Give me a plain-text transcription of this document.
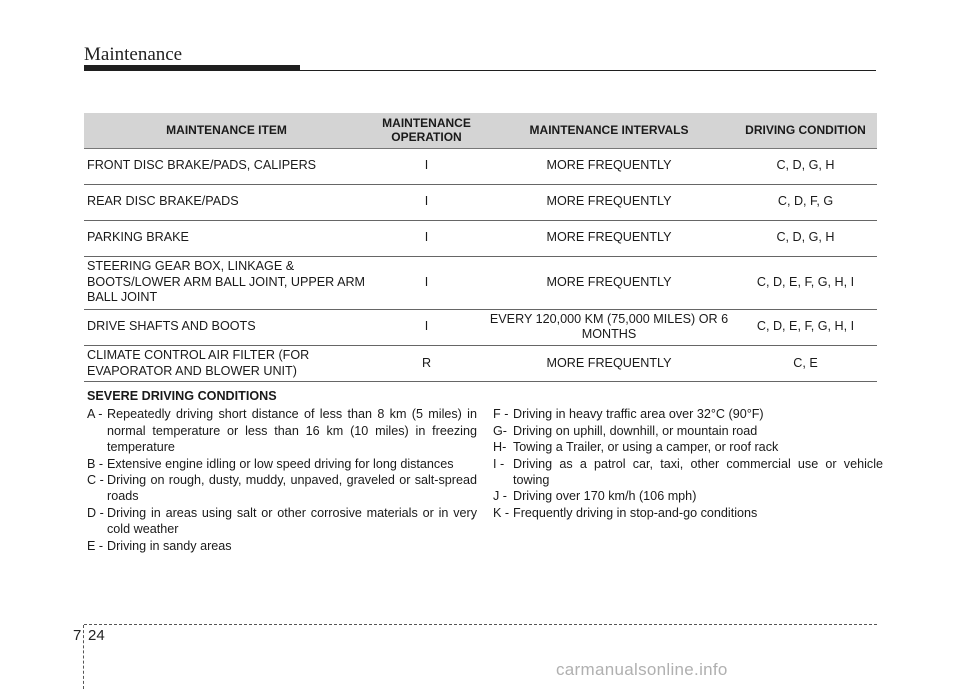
Maintenance
MAINTENANCE ITEM	MAINTENANCE OPERATION	MAINTENANCE INTERVALS	DRIVING CONDITION
FRONT DISC BRAKE/PADS, CALIPERS	I	MORE FREQUENTLY	C, D, G, H
REAR DISC BRAKE/PADS	I	MORE FREQUENTLY	C, D, F, G
PARKING BRAKE	I	MORE FREQUENTLY	C, D, G, H
STEERING GEAR BOX, LINKAGE & BOOTS/LOWER ARM BALL JOINT, UPPER ARM BALL JOINT	I	MORE FREQUENTLY	C, D, E, F, G, H, I
DRIVE SHAFTS AND BOOTS	I	EVERY 120,000 KM (75,000 MILES) OR 6 MONTHS	C, D, E, F, G, H, I
CLIMATE CONTROL AIR FILTER (FOR EVAPORATOR AND BLOWER UNIT)	R	MORE FREQUENTLY	C, E
SEVERE DRIVING CONDITIONS
A - Repeatedly driving short distance of less than 8 km (5 miles) in normal temperature or less than 16 km (10 miles) in freezing temperature
B - Extensive engine idling or low speed driving for long distances
C - Driving on rough, dusty, muddy, unpaved, graveled or salt-spread roads
D - Driving in areas using salt or other corrosive materials or in very cold weather
E - Driving in sandy areas
F - Driving in heavy traffic area over 32°C (90°F)
G- Driving on uphill, downhill, or mountain road
H- Towing a Trailer, or using a camper, or roof rack
I - Driving as a patrol car, taxi, other commercial use or vehicle towing
J - Driving over 170 km/h (106 mph)
K - Frequently driving in stop-and-go conditions
7 24
carmanualsonline.info
